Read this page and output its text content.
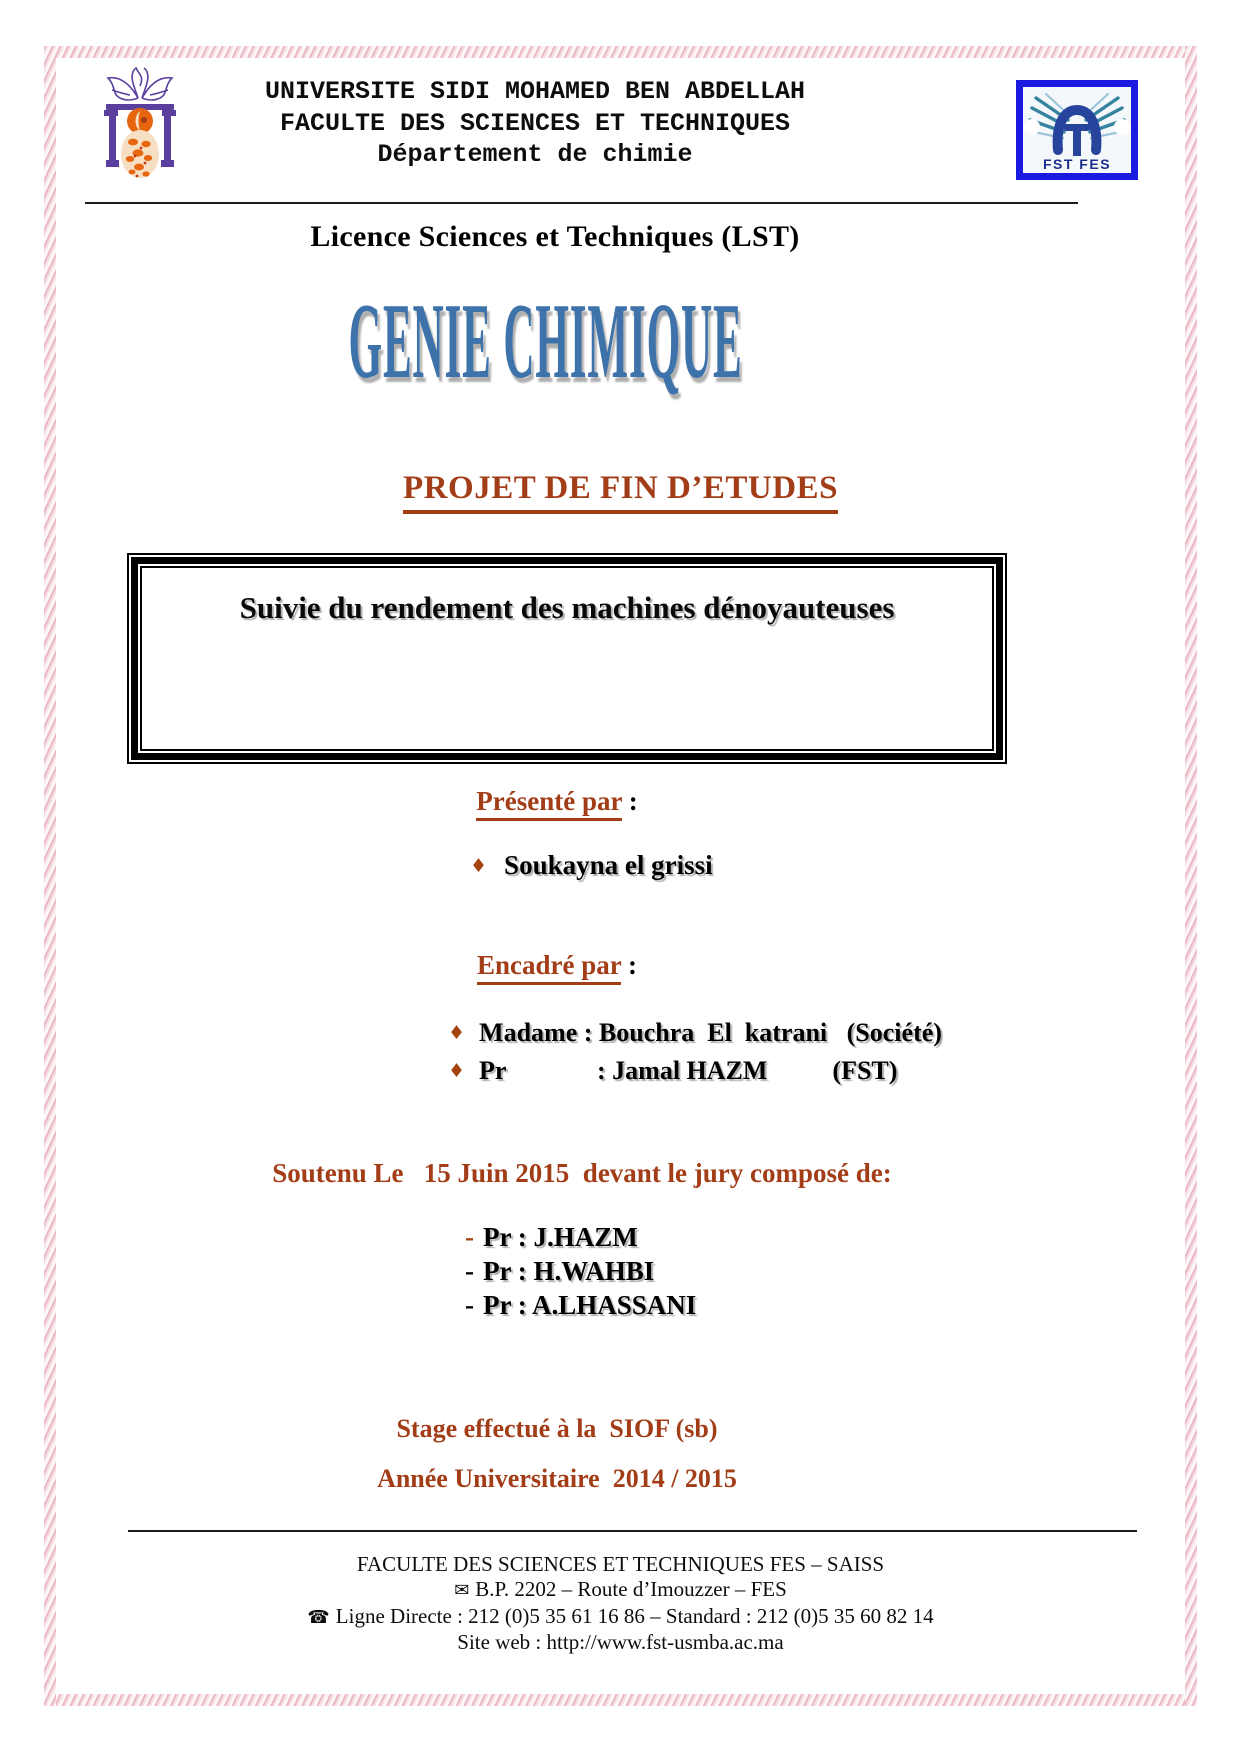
UNIVERSITE SIDI MOHAMED BEN ABDELLAH
FACULTE DES SCIENCES ET TECHNIQUES
Département de chimie	FST FES
Licence Sciences et Techniques (LST)
GENIE CHIMIQUE
PROJET DE FIN D’ETUDES
Suivie du rendement des machines dénoyauteuses
Présenté par :
♦ Soukayna el grissi
Encadré par :
♦ Madame : Bouchra  El  katrani   (Société)
♦ Pr              : Jamal HAZM          (FST)
Soutenu Le   15 Juin 2015  devant le jury composé de:
- Pr : J.HAZM
- Pr : H.WAHBI
- Pr : A.LHASSANI
Stage effectué à la  SIOF (sb)
Année Universitaire  2014 / 2015
FACULTE DES SCIENCES ET TECHNIQUES FES – SAISS
✉ B.P. 2202 – Route d’Imouzzer – FES
☎ Ligne Directe : 212 (0)5 35 61 16 86 – Standard : 212 (0)5 35 60 82 14
Site web : http://www.fst-usmba.ac.ma
